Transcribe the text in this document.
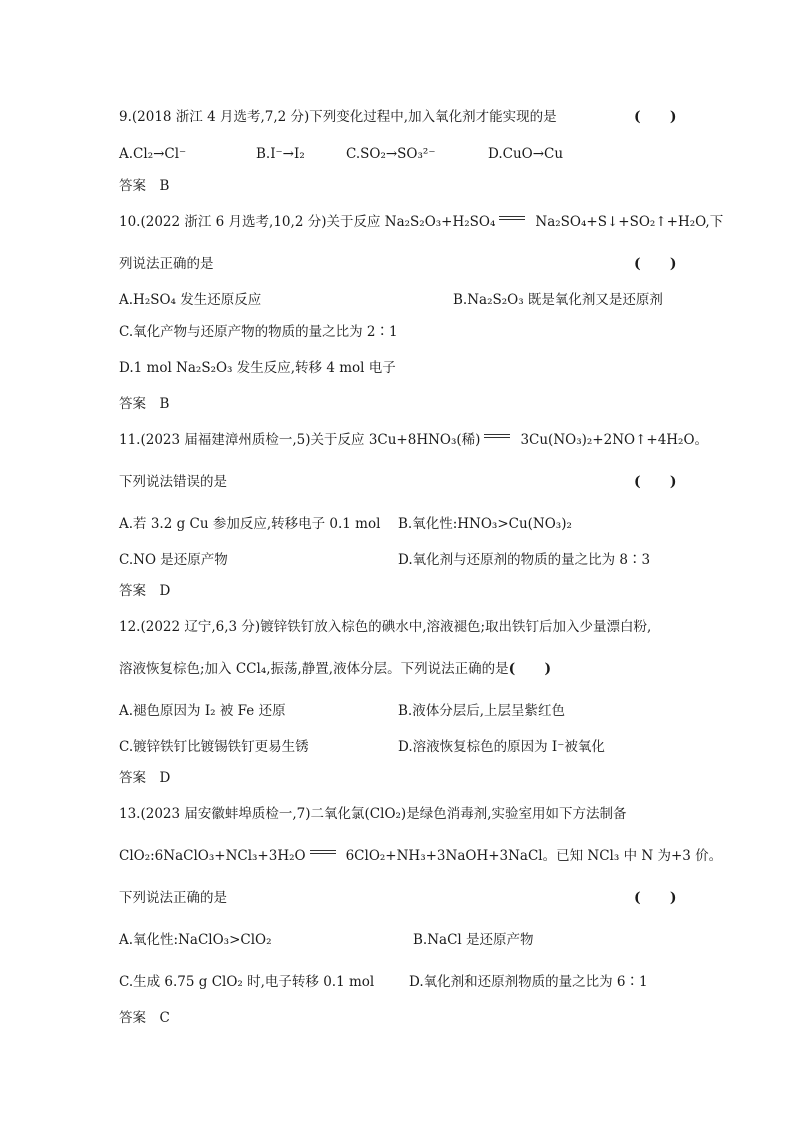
9.(2018 浙江 4 月选考,7,2 分)下列变化过程中,加入氧化剂才能实现的是	(      )
A.Cl₂→Cl⁻	B.I⁻→I₂	C.SO₂→SO₃²⁻	D.CuO→Cu
答案　B
10.(2022 浙江 6 月选考,10,2 分)关于反应 Na₂S₂O₃+H₂SO₄	Na₂SO₄+S↓+SO₂↑+H₂O,下
列说法正确的是	(      )
A.H₂SO₄ 发生还原反应	B.Na₂S₂O₃ 既是氧化剂又是还原剂
C.氧化产物与还原产物的物质的量之比为 2∶1
D.1 mol Na₂S₂O₃ 发生反应,转移 4 mol 电子
答案　B
11.(2023 届福建漳州质检一,5)关于反应 3Cu+8HNO₃(稀)	3Cu(NO₃)₂+2NO↑+4H₂O。
下列说法错误的是	(      )
A.若 3.2 g Cu 参加反应,转移电子 0.1 mol B.氧化性:HNO₃>Cu(NO₃)₂
C.NO 是还原产物	D.氧化剂与还原剂的物质的量之比为 8∶3
答案　D
12.(2022 辽宁,6,3 分)镀锌铁钉放入棕色的碘水中,溶液褪色;取出铁钉后加入少量漂白粉,
溶液恢复棕色;加入 CCl₄,振荡,静置,液体分层。下列说法正确的是(      )
A.褪色原因为 I₂ 被 Fe 还原	B.液体分层后,上层呈紫红色
C.镀锌铁钉比镀锡铁钉更易生锈	D.溶液恢复棕色的原因为 I⁻被氧化
答案　D
13.(2023 届安徽蚌埠质检一,7)二氧化氯(ClO₂)是绿色消毒剂,实验室用如下方法制备
ClO₂:6NaClO₃+NCl₃+3H₂O	6ClO₂+NH₃+3NaOH+3NaCl。已知 NCl₃ 中 N 为+3 价。
下列说法正确的是	(      )
A.氧化性:NaClO₃>ClO₂	B.NaCl 是还原产物
C.生成 6.75 g ClO₂ 时,电子转移 0.1 mol	D.氧化剂和还原剂物质的量之比为 6∶1
答案　C
